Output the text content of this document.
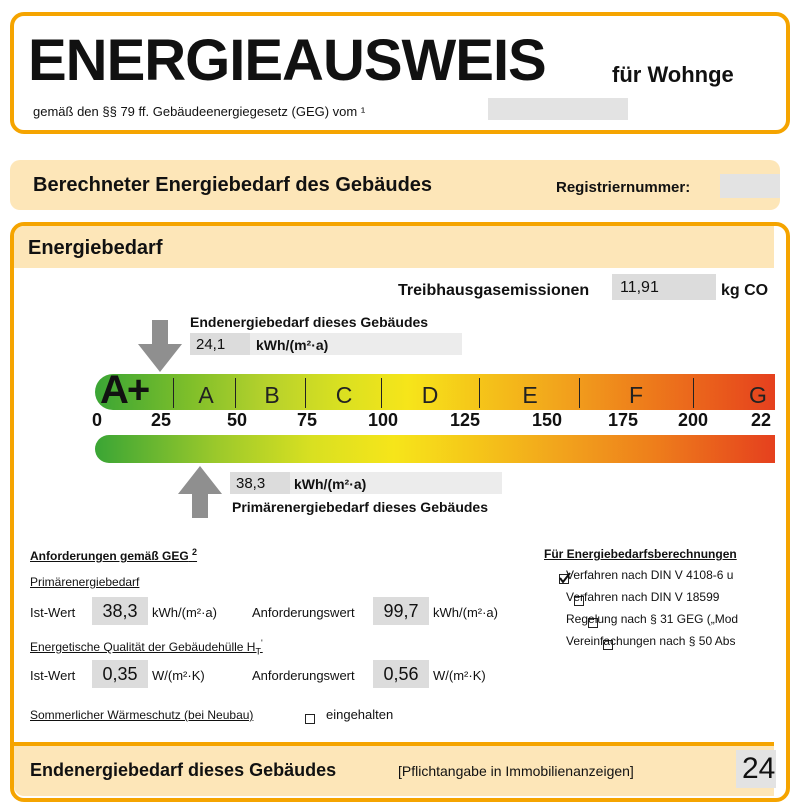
ENERGIEAUSWEIS	für Wohnge
gemäß den §§ 79 ff. Gebäudeenergiegesetz (GEG) vom ¹
Berechneter Energiebedarf des Gebäudes	Registriernummer:
Energiebedarf
Treibhausgasemissionen	11,91	kg CO
Endenergiebedarf dieses Gebäudes
24,1	kWh/(m²·a)
A+	A	B	C	D	E	F	G
0	25	50	75	100	125	150	175	200	22
38,3	kWh/(m²·a)
Primärenergiebedarf dieses Gebäudes
Anforderungen gemäß GEG $^2$
Primärenergiebedarf
Ist-Wert	38,3	kWh/(m²·a)	Anforderungswert	99,7	kWh/(m²·a)
Energetische Qualität der Gebäudehülle $H_T'$
Ist-Wert	0,35	W/(m²·K)	Anforderungswert	0,56	W/(m²·K)
Sommerlicher Wärmeschutz (bei Neubau)
	eingehalten
Für Energiebedarfsberechnungen

Verfahren nach DIN V 4108-6 u

Verfahren nach DIN V 18599

Regelung nach § 31 GEG („Mod
Vereinfachungen nach § 50 Abs
Endenergiebedarf dieses Gebäudes	[Pflichtangabe in Immobilienanzeigen]	24
